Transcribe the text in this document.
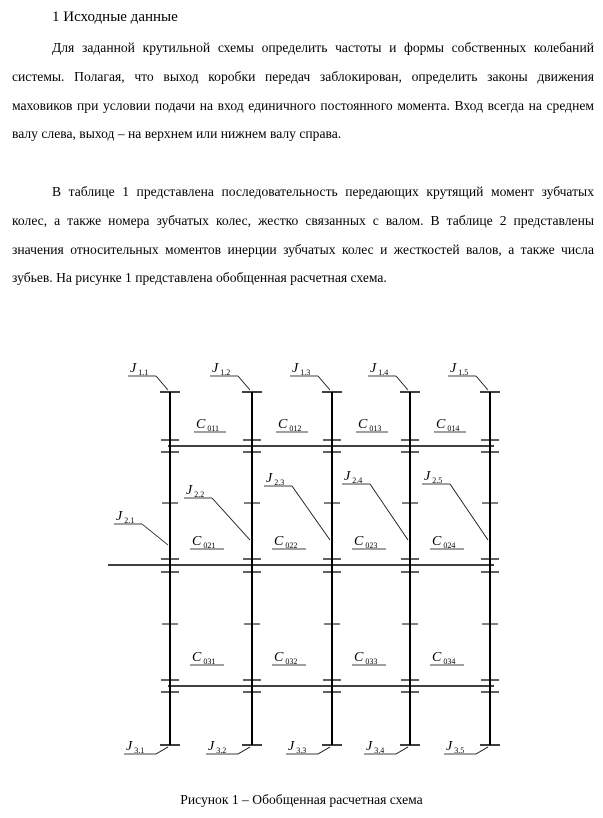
1 Исходные данные

Для заданной крутильной схемы определить частоты и формы собственных колебаний системы. Полагая, что выход коробки передач заблокирован, определить законы движения маховиков при условии подачи на вход единичного постоянного момента. Вход всегда на среднем валу слева, выход – на верхнем или нижнем валу справа.

В таблице 1 представлена последовательность передающих крутящий момент зубчатых колес, а также номера зубчатых колес, жестко связанных с валом. В таблице 2 представлены значения относительных моментов инерции зубчатых колес и жесткостей валов, а также числа зубьев. На рисунке 1 представлена обобщенная расчетная схема.

J 1.1	J 1.2	J 1.3	J 1.4	J 1.5
C 011	C 012	C 013	C 014
J 2.1
J 2.2
J 2.3	J 2.4	J 2.5
C 021	C 022	C 023	C 024
C 031	C 032	C 033	C 034
J 3.1	J 3.2	J 3.3	J 3.4	J 3.5

Рисунок 1 – Обобщенная расчетная схема
